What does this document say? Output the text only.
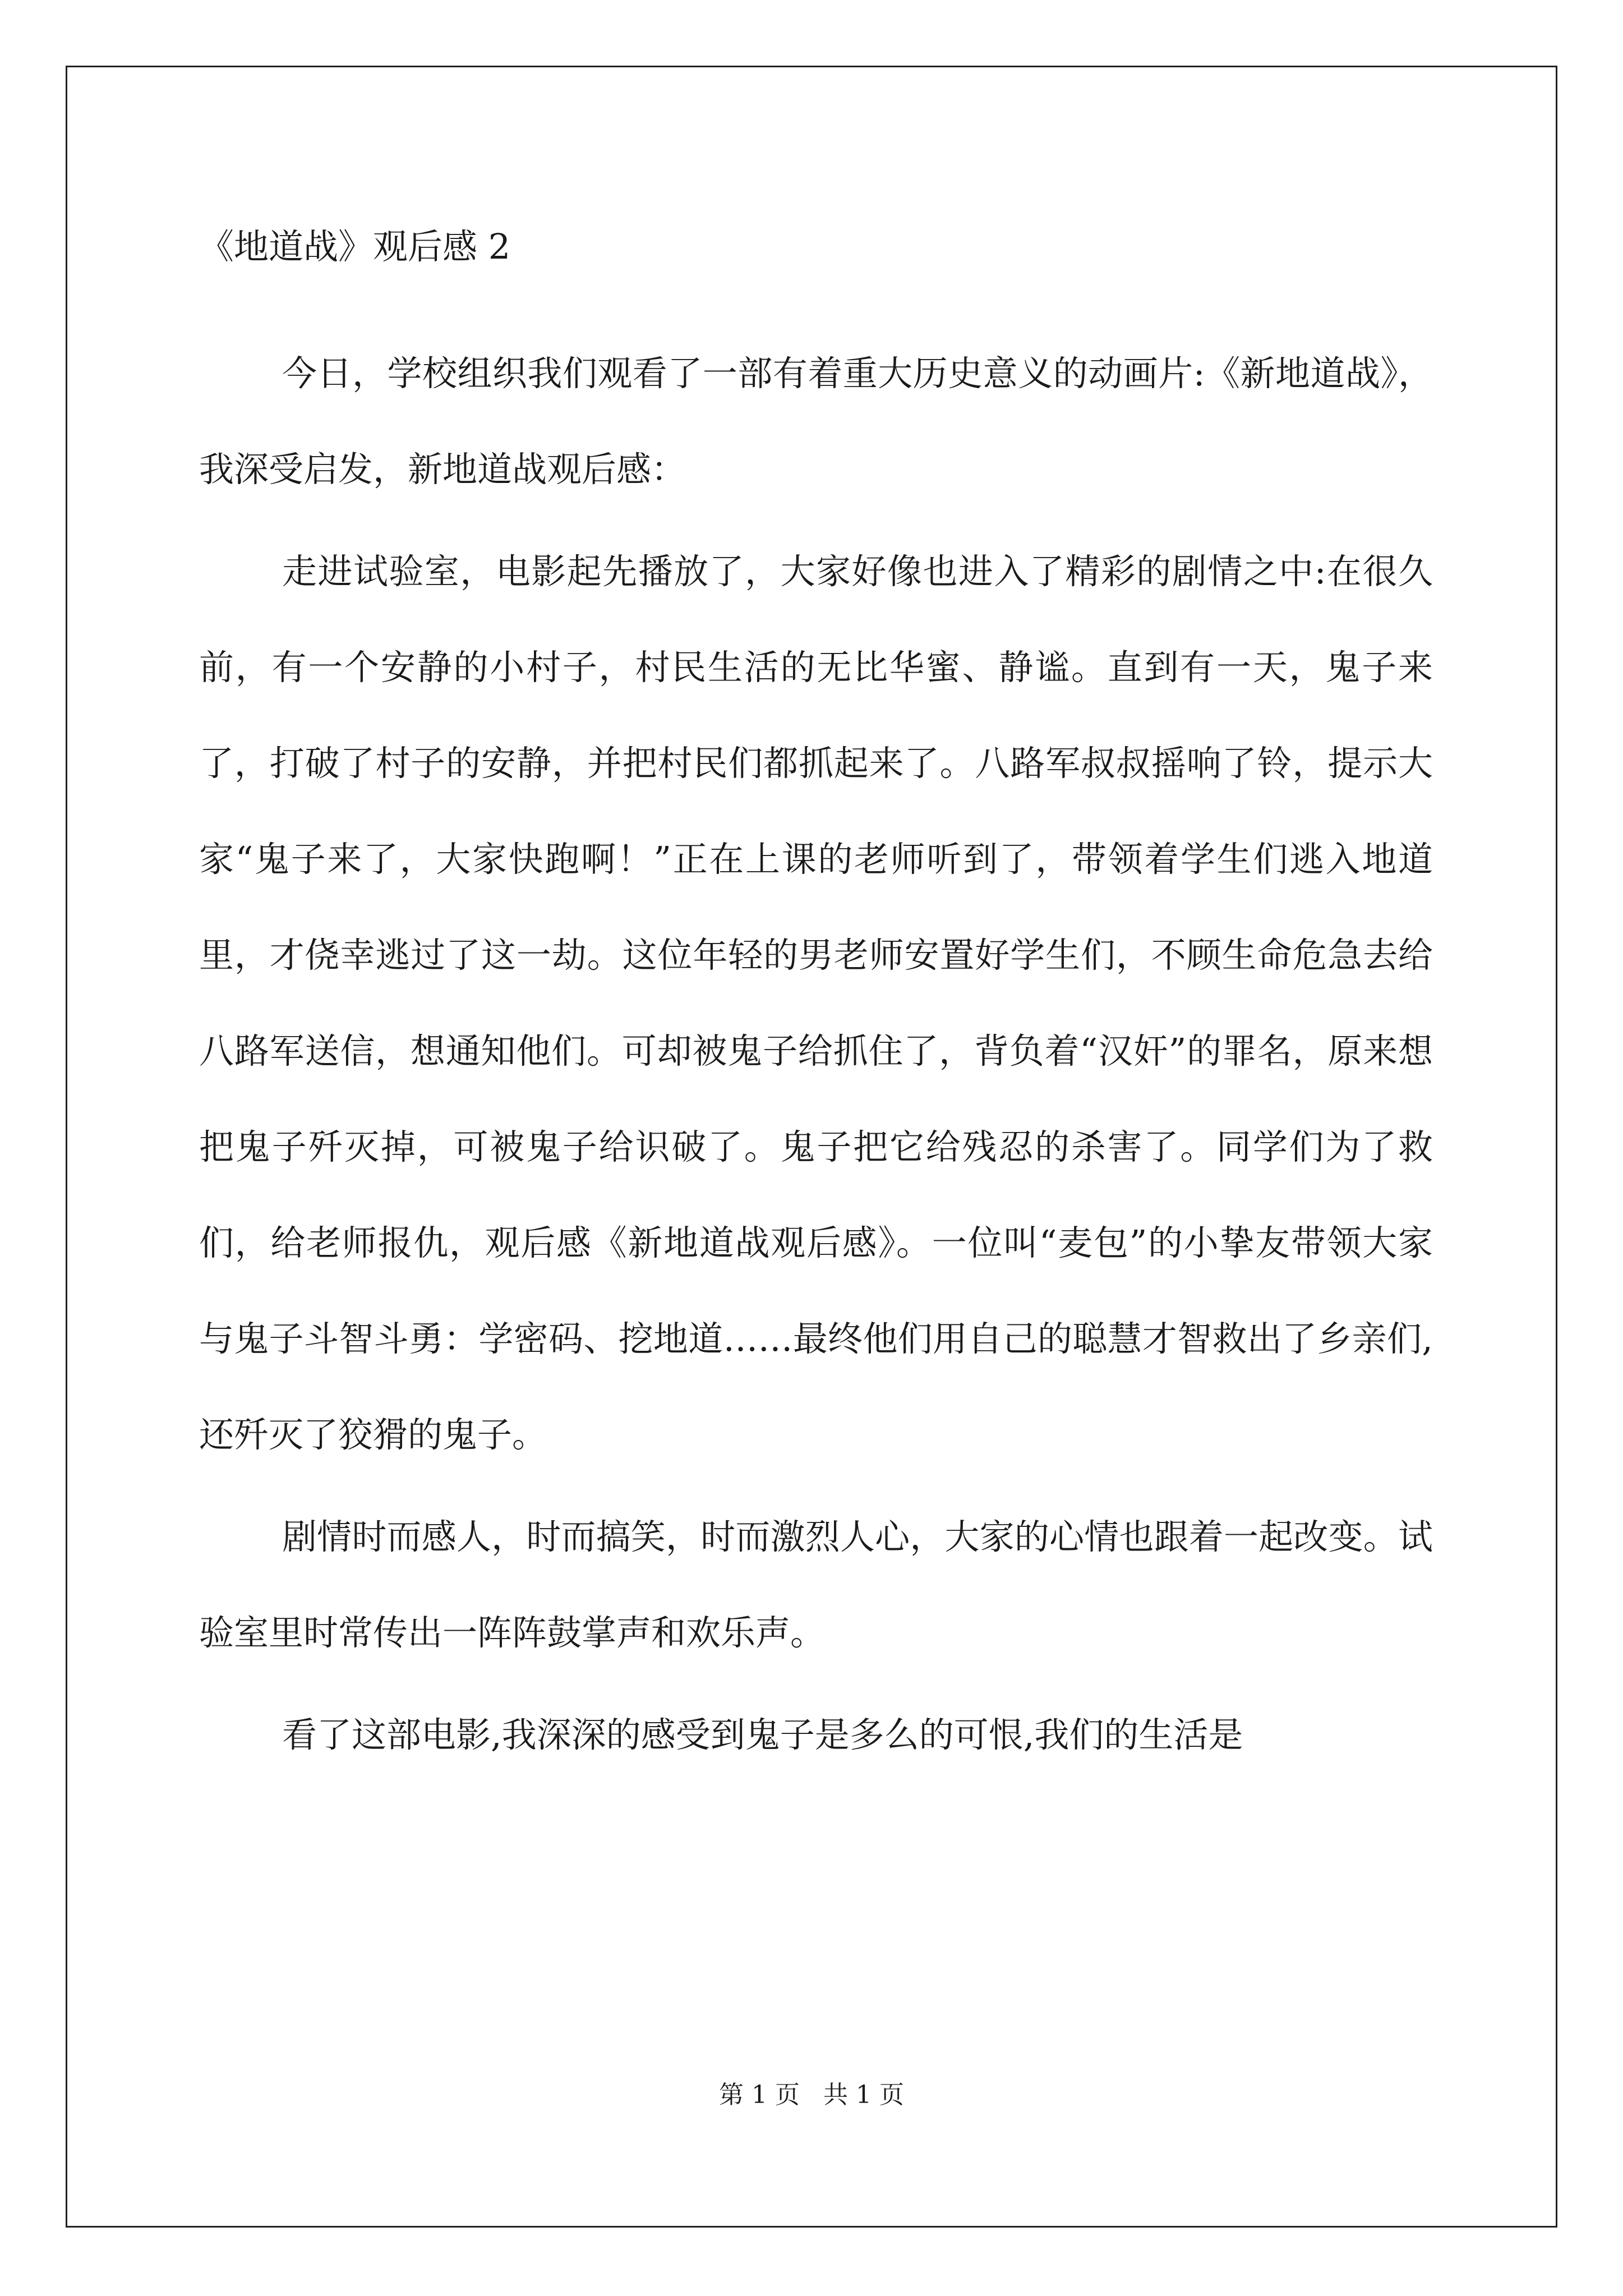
《地道战》观后感 2

今日，学校组织我们观看了一部有着重大历史意义的动画片:《新地道战》，我深受启发，新地道战观后感：

走进试验室，电影起先播放了，大家好像也进入了精彩的剧情之中:在很久前，有一个安静的小村子，村民生活的无比华蜜、静谧。直到有一天，鬼子来了，打破了村子的安静，并把村民们都抓起来了。八路军叔叔摇响了铃，提示大家“鬼子来了，大家快跑啊！”正在上课的老师听到了，带领着学生们逃入地道里，才侥幸逃过了这一劫。这位年轻的男老师安置好学生们，不顾生命危急去给八路军送信，想通知他们。可却被鬼子给抓住了，背负着“汉奸”的罪名，原来想把鬼子歼灭掉，可被鬼子给识破了。鬼子把它给残忍的杀害了。同学们为了救们，给老师报仇，观后感《新地道战观后感》。一位叫“麦包”的小挚友带领大家与鬼子斗智斗勇：学密码、挖地道……最终他们用自己的聪慧才智救出了乡亲们,还歼灭了狡猾的鬼子。

剧情时而感人，时而搞笑，时而激烈人心，大家的心情也跟着一起改变。试验室里时常传出一阵阵鼓掌声和欢乐声。

看了这部电影,我深深的感受到鬼子是多么的可恨,我们的生活是

第 1 页   共 1 页
